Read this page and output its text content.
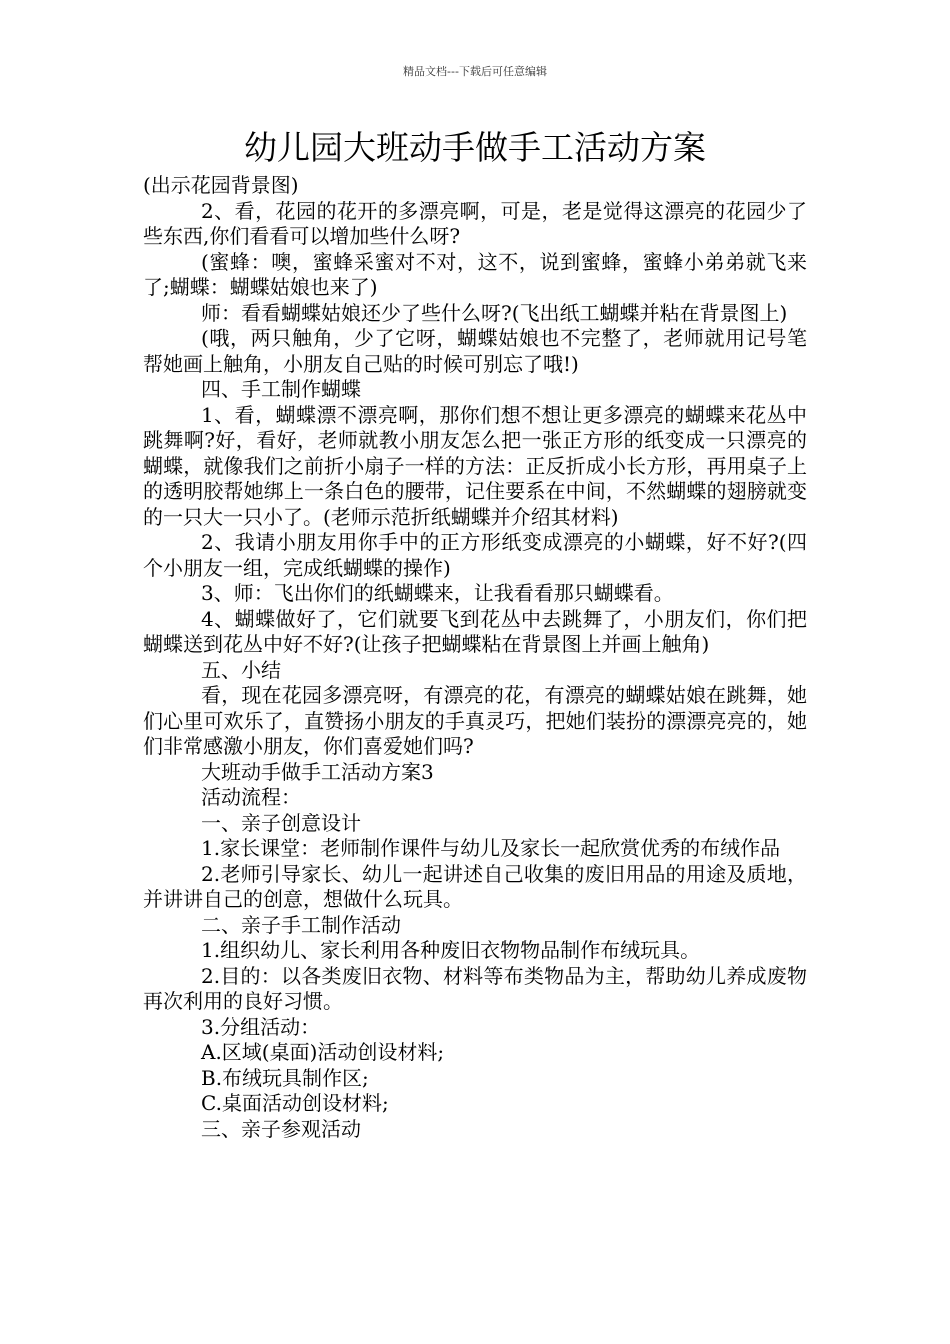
精品文档---下载后可任意编辑
幼儿园大班动手做手工活动方案

(出示花园背景图)

2、看，花园的花开的多漂亮啊，可是，老是觉得这漂亮的花园少了些东西,你们看看可以增加些什么呀?

(蜜蜂：噢，蜜蜂采蜜对不对，这不，说到蜜蜂，蜜蜂小弟弟就飞来了;蝴蝶：蝴蝶姑娘也来了)

师：看看蝴蝶姑娘还少了些什么呀?(飞出纸工蝴蝶并粘在背景图上)

(哦，两只触角，少了它呀，蝴蝶姑娘也不完整了，老师就用记号笔帮她画上触角，小朋友自己贴的时候可别忘了哦!)

四、手工制作蝴蝶

1、看，蝴蝶漂不漂亮啊，那你们想不想让更多漂亮的蝴蝶来花丛中跳舞啊?好，看好，老师就教小朋友怎么把一张正方形的纸变成一只漂亮的蝴蝶，就像我们之前折小扇子一样的方法：正反折成小长方形，再用桌子上的透明胶帮她绑上一条白色的腰带，记住要系在中间，不然蝴蝶的翅膀就变的一只大一只小了。(老师示范折纸蝴蝶并介绍其材料)

2、我请小朋友用你手中的正方形纸变成漂亮的小蝴蝶，好不好?(四个小朋友一组，完成纸蝴蝶的操作)

3、师：飞出你们的纸蝴蝶来，让我看看那只蝴蝶看。

4、蝴蝶做好了，它们就要飞到花丛中去跳舞了，小朋友们，你们把蝴蝶送到花丛中好不好?(让孩子把蝴蝶粘在背景图上并画上触角)

五、小结

看，现在花园多漂亮呀，有漂亮的花，有漂亮的蝴蝶姑娘在跳舞，她们心里可欢乐了，直赞扬小朋友的手真灵巧，把她们装扮的漂漂亮亮的，她们非常感激小朋友，你们喜爱她们吗?

大班动手做手工活动方案3

活动流程：

一、亲子创意设计

1.家长课堂：老师制作课件与幼儿及家长一起欣赏优秀的布绒作品

2.老师引导家长、幼儿一起讲述自己收集的废旧用品的用途及质地，并讲讲自己的创意，想做什么玩具。

二、亲子手工制作活动

1.组织幼儿、家长利用各种废旧衣物物品制作布绒玩具。

2.目的：以各类废旧衣物、材料等布类物品为主，帮助幼儿养成废物再次利用的良好习惯。

3.分组活动：

A.区域(桌面)活动创设材料;

B.布绒玩具制作区;

C.桌面活动创设材料;

三、亲子参观活动
